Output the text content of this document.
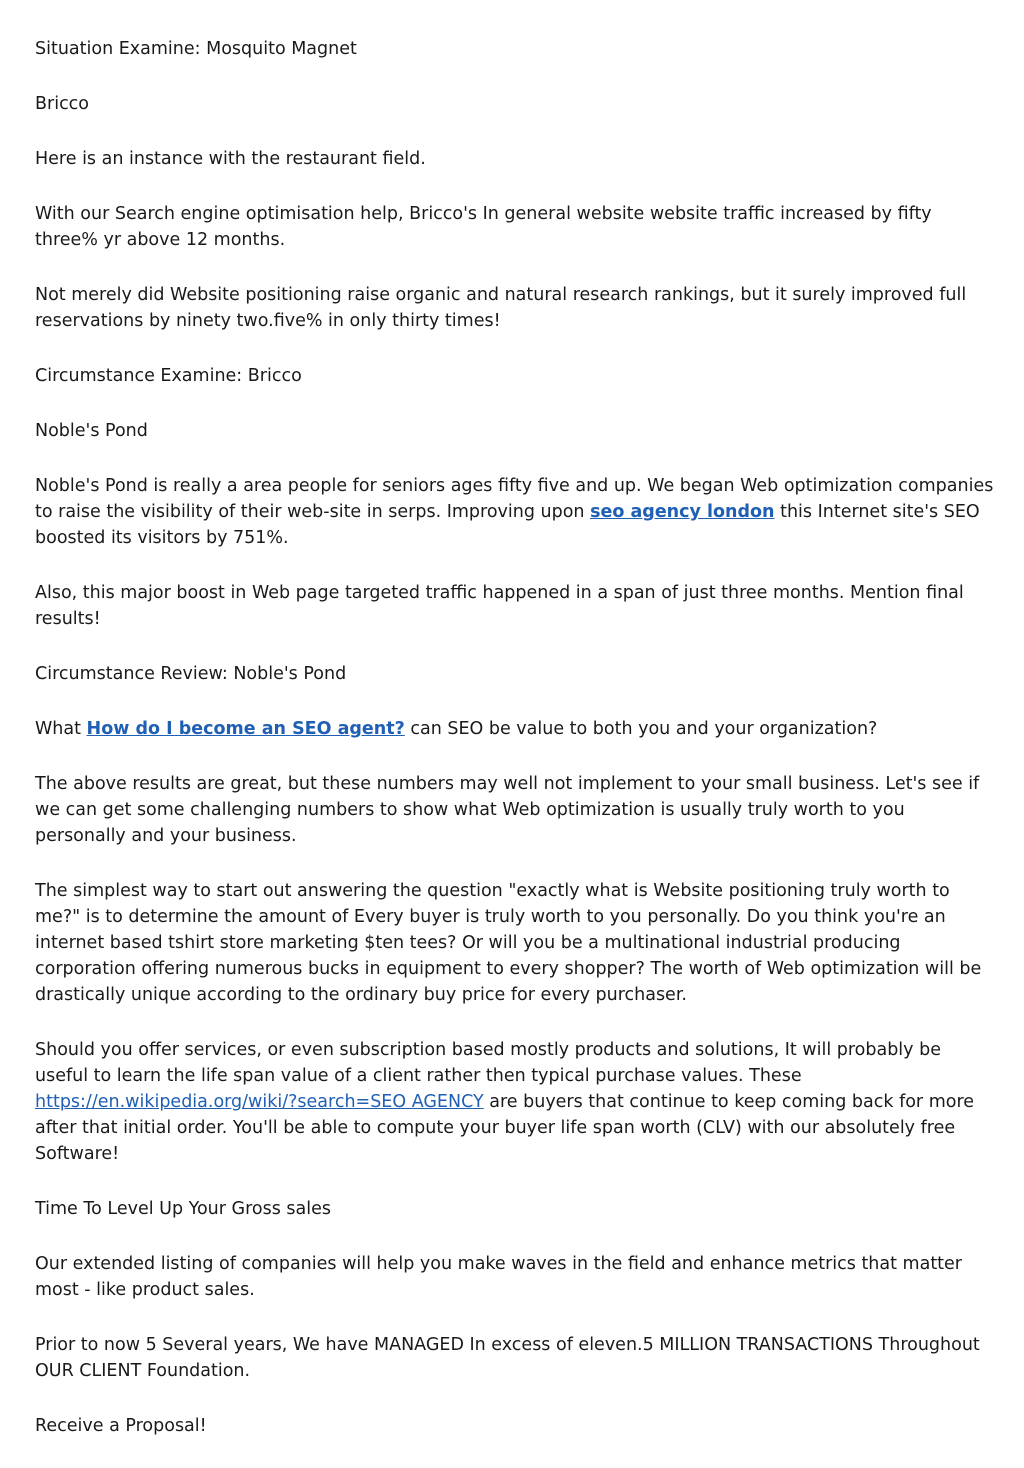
Situation Examine: Mosquito Magnet

Bricco

Here is an instance with the restaurant field.

With our Search engine optimisation help, Bricco's In general website website traffic increased by fifty three% yr above 12 months.

Not merely did Website positioning raise organic and natural research rankings, but it surely improved full reservations by ninety two.five% in only thirty times!

Circumstance Examine: Bricco

Noble's Pond

Noble's Pond is really a area people for seniors ages fifty five and up. We began Web optimization companies to raise the visibility of their web-site in serps. Improving upon seo agency london this Internet site's SEO boosted its visitors by 751%.

Also, this major boost in Web page targeted traffic happened in a span of just three months. Mention final results!

Circumstance Review: Noble's Pond

What How do I become an SEO agent? can SEO be value to both you and your organization?

The above results are great, but these numbers may well not implement to your small business. Let's see if we can get some challenging numbers to show what Web optimization is usually truly worth to you personally and your business.

The simplest way to start out answering the question "exactly what is Website positioning truly worth to me?" is to determine the amount of Every buyer is truly worth to you personally. Do you think you're an internet based tshirt store marketing $ten tees? Or will you be a multinational industrial producing corporation offering numerous bucks in equipment to every shopper? The worth of Web optimization will be drastically unique according to the ordinary buy price for every purchaser.

Should you offer services, or even subscription based mostly products and solutions, It will probably be useful to learn the life span value of a client rather then typical purchase values. These https://en.wikipedia.org/wiki/?search=SEO AGENCY are buyers that continue to keep coming back for more after that initial order. You'll be able to compute your buyer life span worth (CLV) with our absolutely free Software!

Time To Level Up Your Gross sales

Our extended listing of companies will help you make waves in the field and enhance metrics that matter most - like product sales.

Prior to now 5 Several years, We have MANAGED In excess of eleven.5 MILLION TRANSACTIONS Throughout OUR CLIENT Foundation.

Receive a Proposal!
